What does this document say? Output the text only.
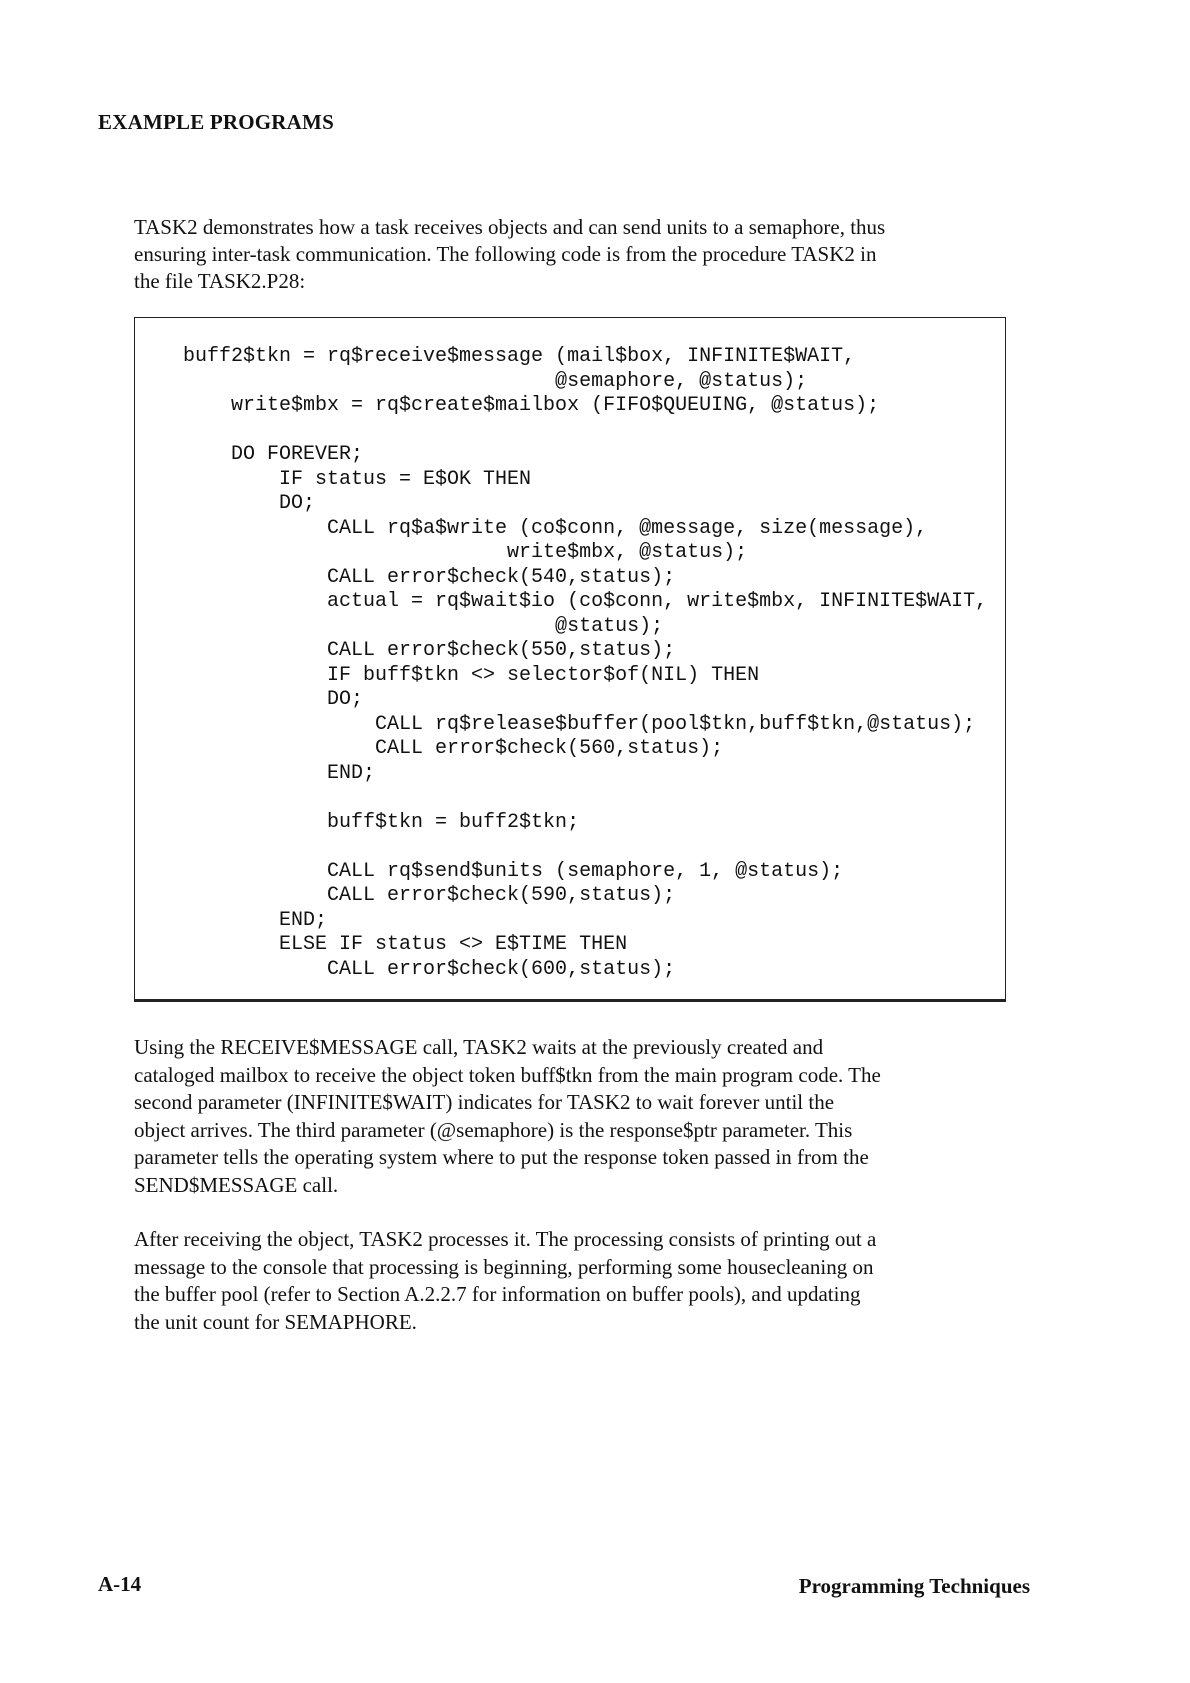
EXAMPLE PROGRAMS
TASK2 demonstrates how a task receives objects and can send units to a semaphore, thus
ensuring inter-task communication. The following code is from the procedure TASK2 in
the file TASK2.P28:
buff2$tkn = rq$receive$message (mail$box, INFINITE$WAIT,
@semaphore, @status);
write$mbx = rq$create$mailbox (FIFO$QUEUING, @status);
DO FOREVER;
IF status = E$OK THEN
DO;
CALL rq$a$write (co$conn, @message, size(message),
write$mbx, @status);
CALL error$check(540,status);
actual = rq$wait$io (co$conn, write$mbx, INFINITE$WAIT,
@status);
CALL error$check(550,status);
IF buff$tkn <> selector$of(NIL) THEN
DO;
CALL rq$release$buffer(pool$tkn,buff$tkn,@status);
CALL error$check(560,status);
END;
buff$tkn = buff2$tkn;
CALL rq$send$units (semaphore, 1, @status);
CALL error$check(590,status);
END;
ELSE IF status <> E$TIME THEN
CALL error$check(600,status);
Using the RECEIVE$MESSAGE call, TASK2 waits at the previously created and
cataloged mailbox to receive the object token buff$tkn from the main program code. The
second parameter (INFINITE$WAIT) indicates for TASK2 to wait forever until the
object arrives. The third parameter (@semaphore) is the response$ptr parameter. This
parameter tells the operating system where to put the response token passed in from the
SEND$MESSAGE call.
After receiving the object, TASK2 processes it. The processing consists of printing out a
message to the console that processing is beginning, performing some housecleaning on
the buffer pool (refer to Section A.2.2.7 for information on buffer pools), and updating
the unit count for SEMAPHORE.
A-14	Programming Techniques
